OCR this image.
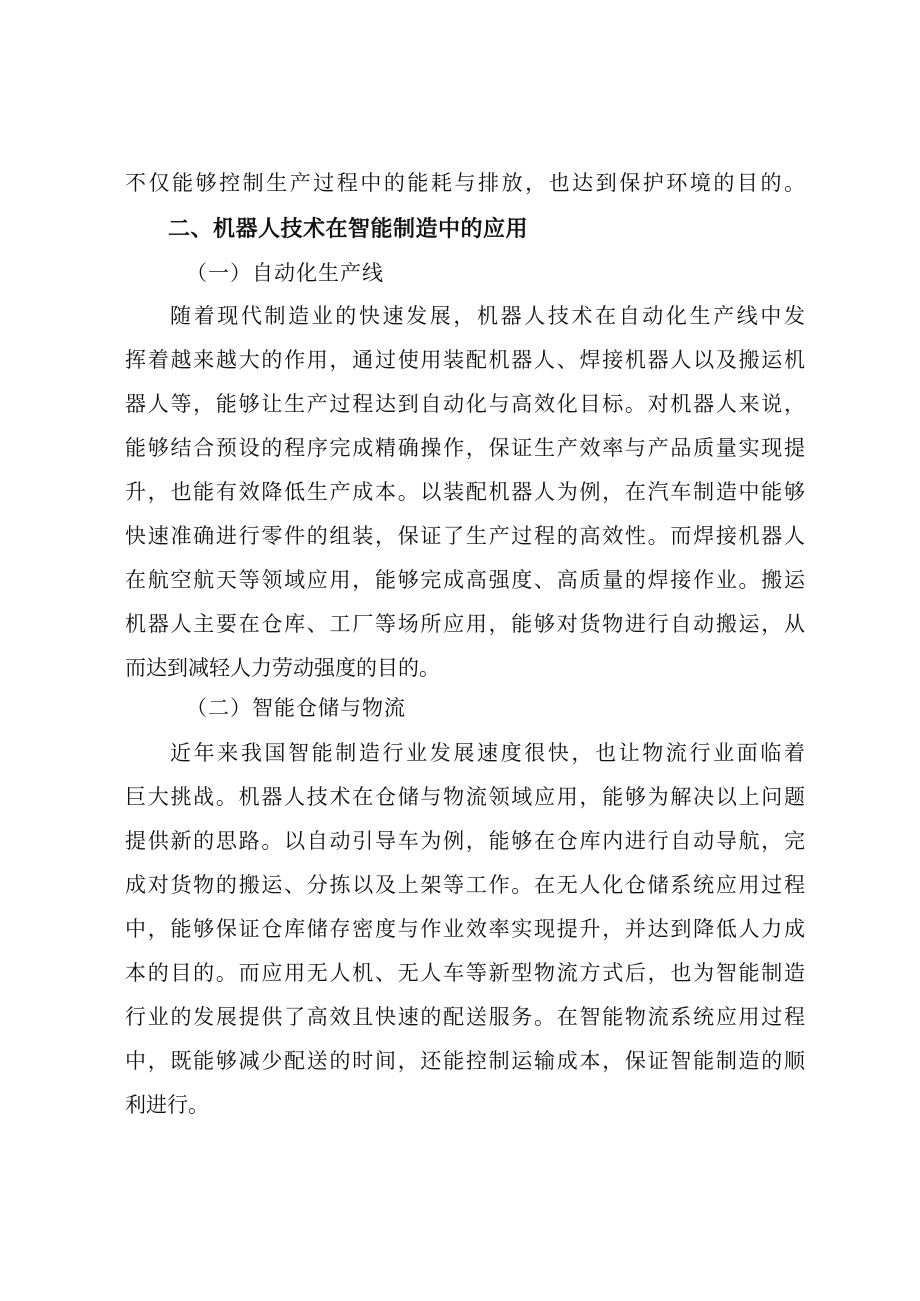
不仅能够控制生产过程中的能耗与排放，也达到保护环境的目的。

二、机器人技术在智能制造中的应用
（一）自动化生产线

随着现代制造业的快速发展，机器人技术在自动化生产线中发

挥着越来越大的作用，通过使用装配机器人、焊接机器人以及搬运机

器人等，能够让生产过程达到自动化与高效化目标。对机器人来说，

能够结合预设的程序完成精确操作，保证生产效率与产品质量实现提

升，也能有效降低生产成本。以装配机器人为例，在汽车制造中能够

快速准确进行零件的组装，保证了生产过程的高效性。而焊接机器人

在航空航天等领域应用，能够完成高强度、高质量的焊接作业。搬运

机器人主要在仓库、工厂等场所应用，能够对货物进行自动搬运，从

而达到减轻人力劳动强度的目的。

（二）智能仓储与物流

近年来我国智能制造行业发展速度很快，也让物流行业面临着

巨大挑战。机器人技术在仓储与物流领域应用，能够为解决以上问题

提供新的思路。以自动引导车为例，能够在仓库内进行自动导航，完

成对货物的搬运、分拣以及上架等工作。在无人化仓储系统应用过程

中，能够保证仓库储存密度与作业效率实现提升，并达到降低人力成

本的目的。而应用无人机、无人车等新型物流方式后，也为智能制造

行业的发展提供了高效且快速的配送服务。在智能物流系统应用过程

中，既能够减少配送的时间，还能控制运输成本，保证智能制造的顺

利进行。
